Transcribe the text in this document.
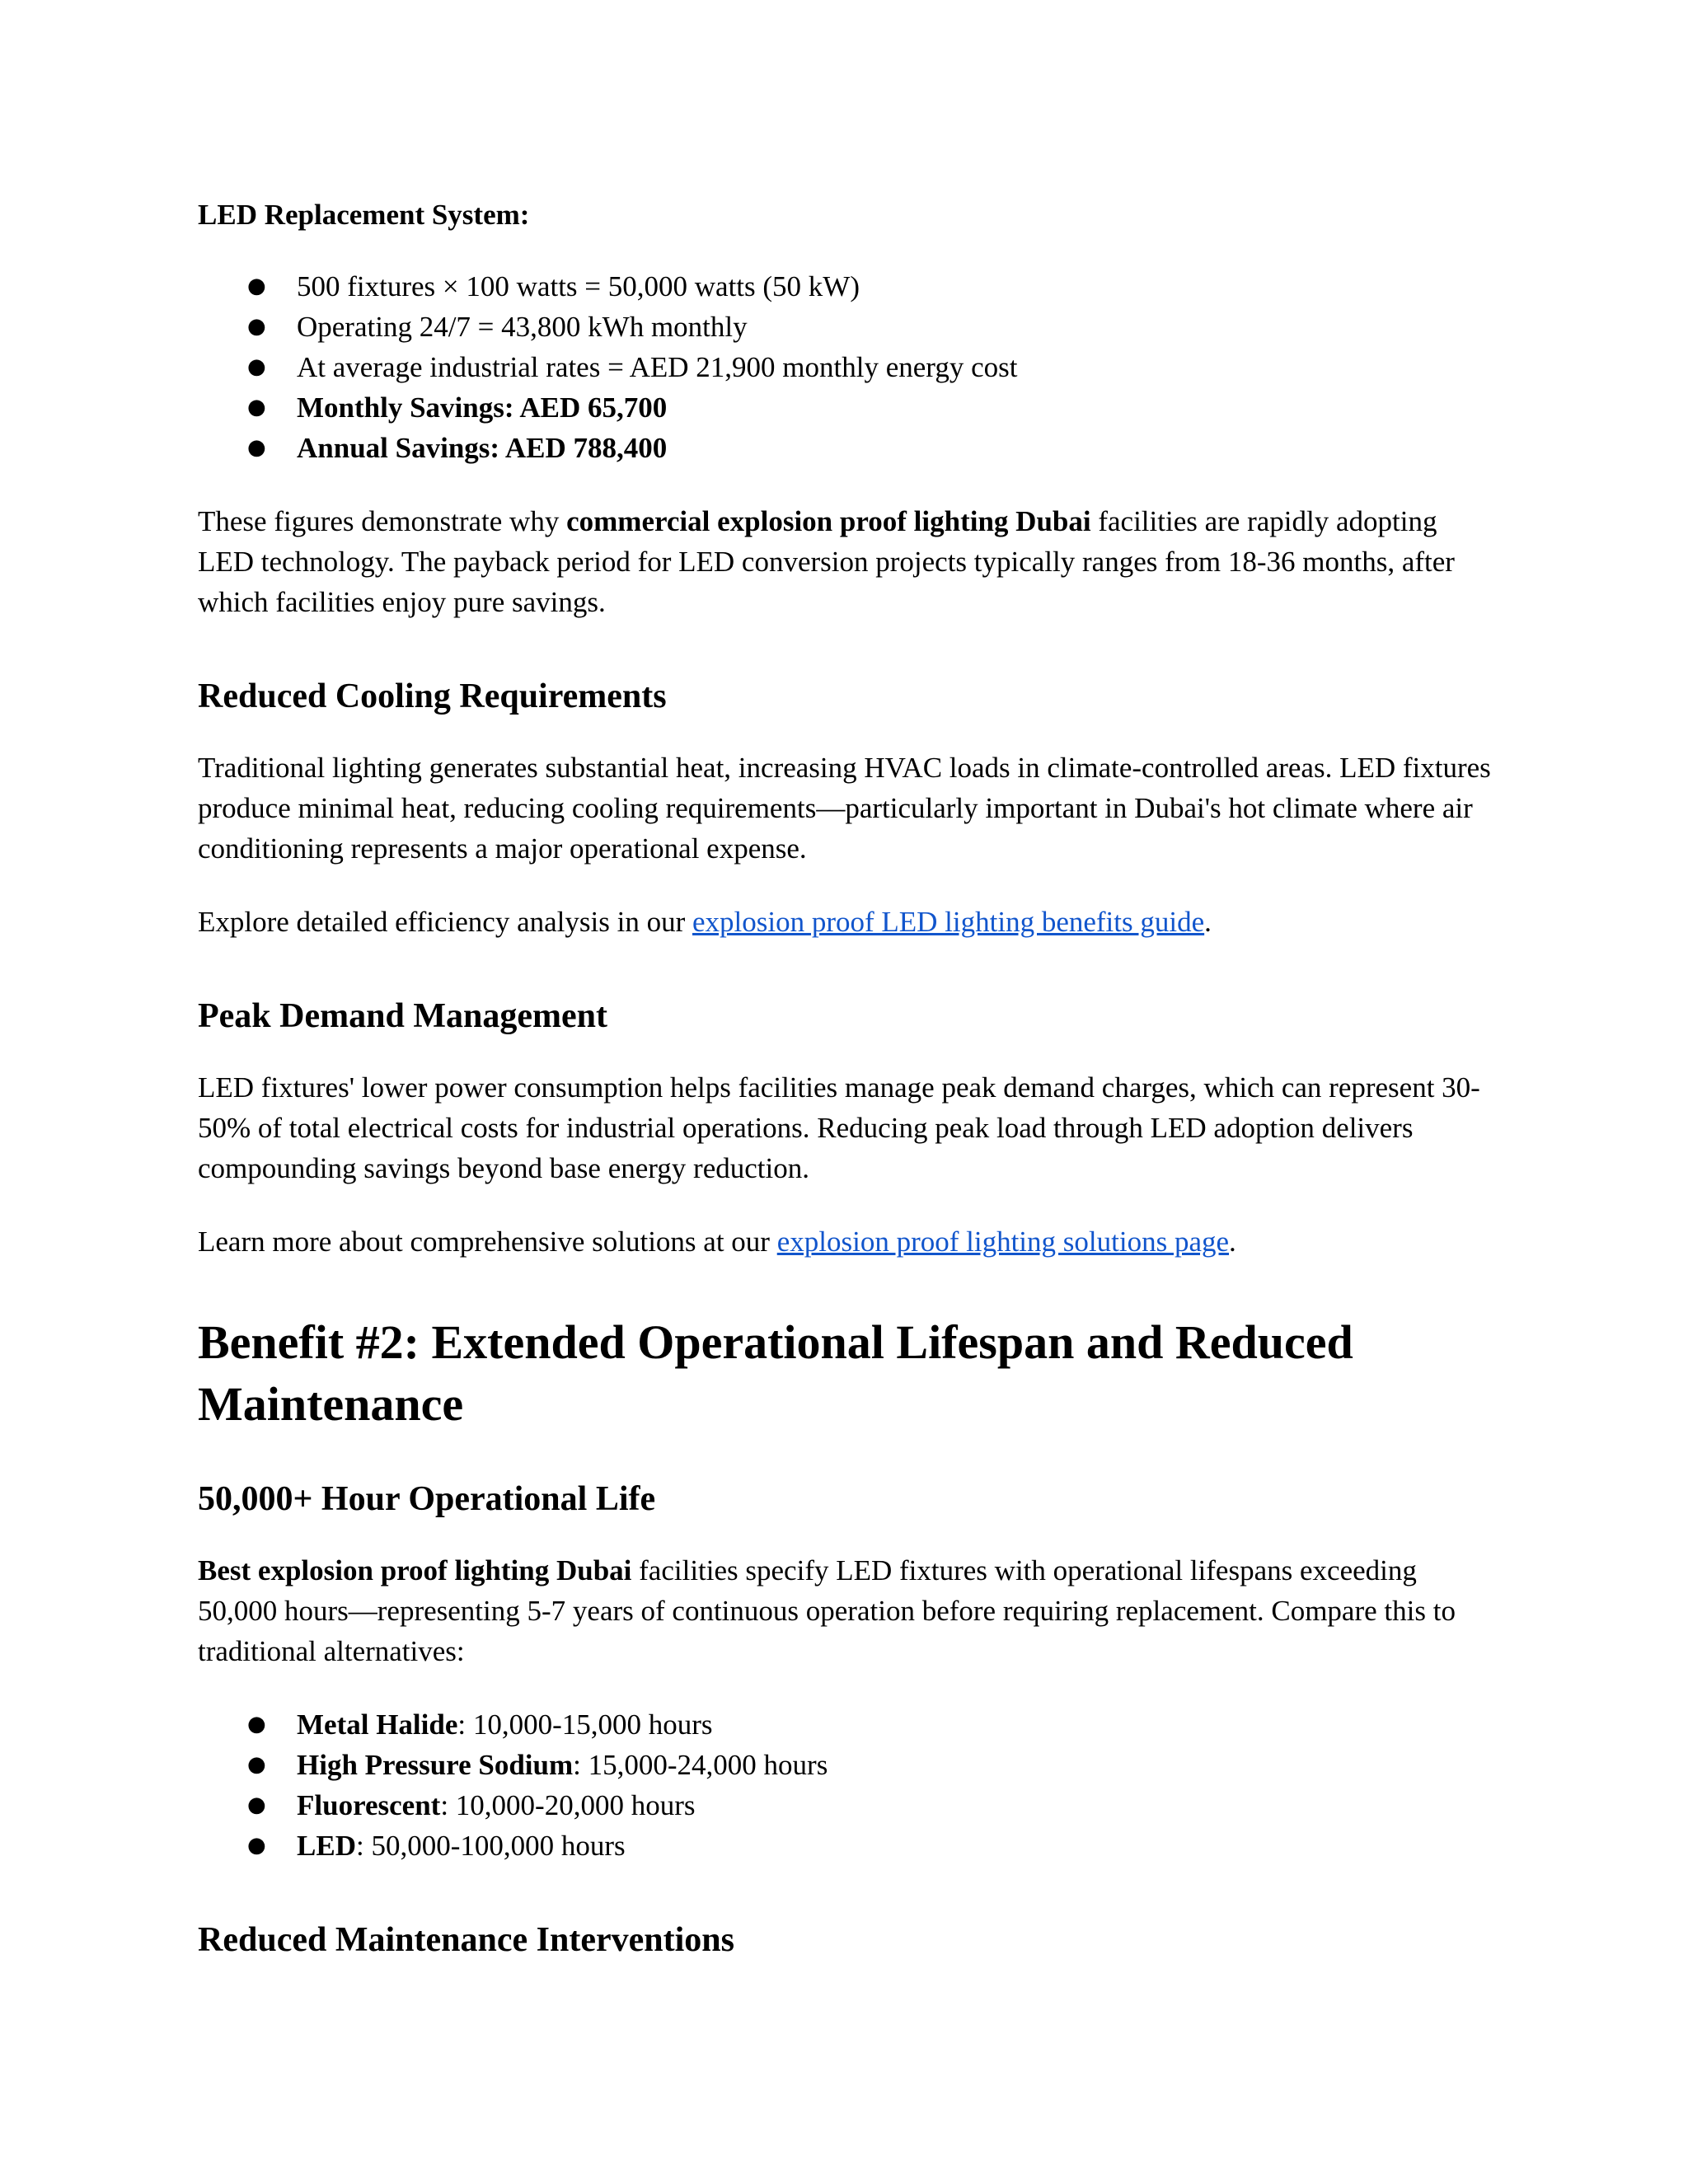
LED Replacement System:

● 500 fixtures × 100 watts = 50,000 watts (50 kW)
● Operating 24/7 = 43,800 kWh monthly
● At average industrial rates = AED 21,900 monthly energy cost
● Monthly Savings: AED 65,700
● Annual Savings: AED 788,400

These figures demonstrate why commercial explosion proof lighting Dubai facilities are rapidly adopting LED technology. The payback period for LED conversion projects typically ranges from 18-36 months, after which facilities enjoy pure savings.

Reduced Cooling Requirements

Traditional lighting generates substantial heat, increasing HVAC loads in climate-controlled areas. LED fixtures produce minimal heat, reducing cooling requirements—particularly important in Dubai's hot climate where air conditioning represents a major operational expense.

Explore detailed efficiency analysis in our explosion proof LED lighting benefits guide.

Peak Demand Management

LED fixtures' lower power consumption helps facilities manage peak demand charges, which can represent 30-50% of total electrical costs for industrial operations. Reducing peak load through LED adoption delivers compounding savings beyond base energy reduction.

Learn more about comprehensive solutions at our explosion proof lighting solutions page.

Benefit #2: Extended Operational Lifespan and Reduced Maintenance
50,000+ Hour Operational Life

Best explosion proof lighting Dubai facilities specify LED fixtures with operational lifespans exceeding 50,000 hours—representing 5-7 years of continuous operation before requiring replacement. Compare this to traditional alternatives:

● Metal Halide: 10,000-15,000 hours
● High Pressure Sodium: 15,000-24,000 hours
● Fluorescent: 10,000-20,000 hours
● LED: 50,000-100,000 hours
Reduced Maintenance Interventions
